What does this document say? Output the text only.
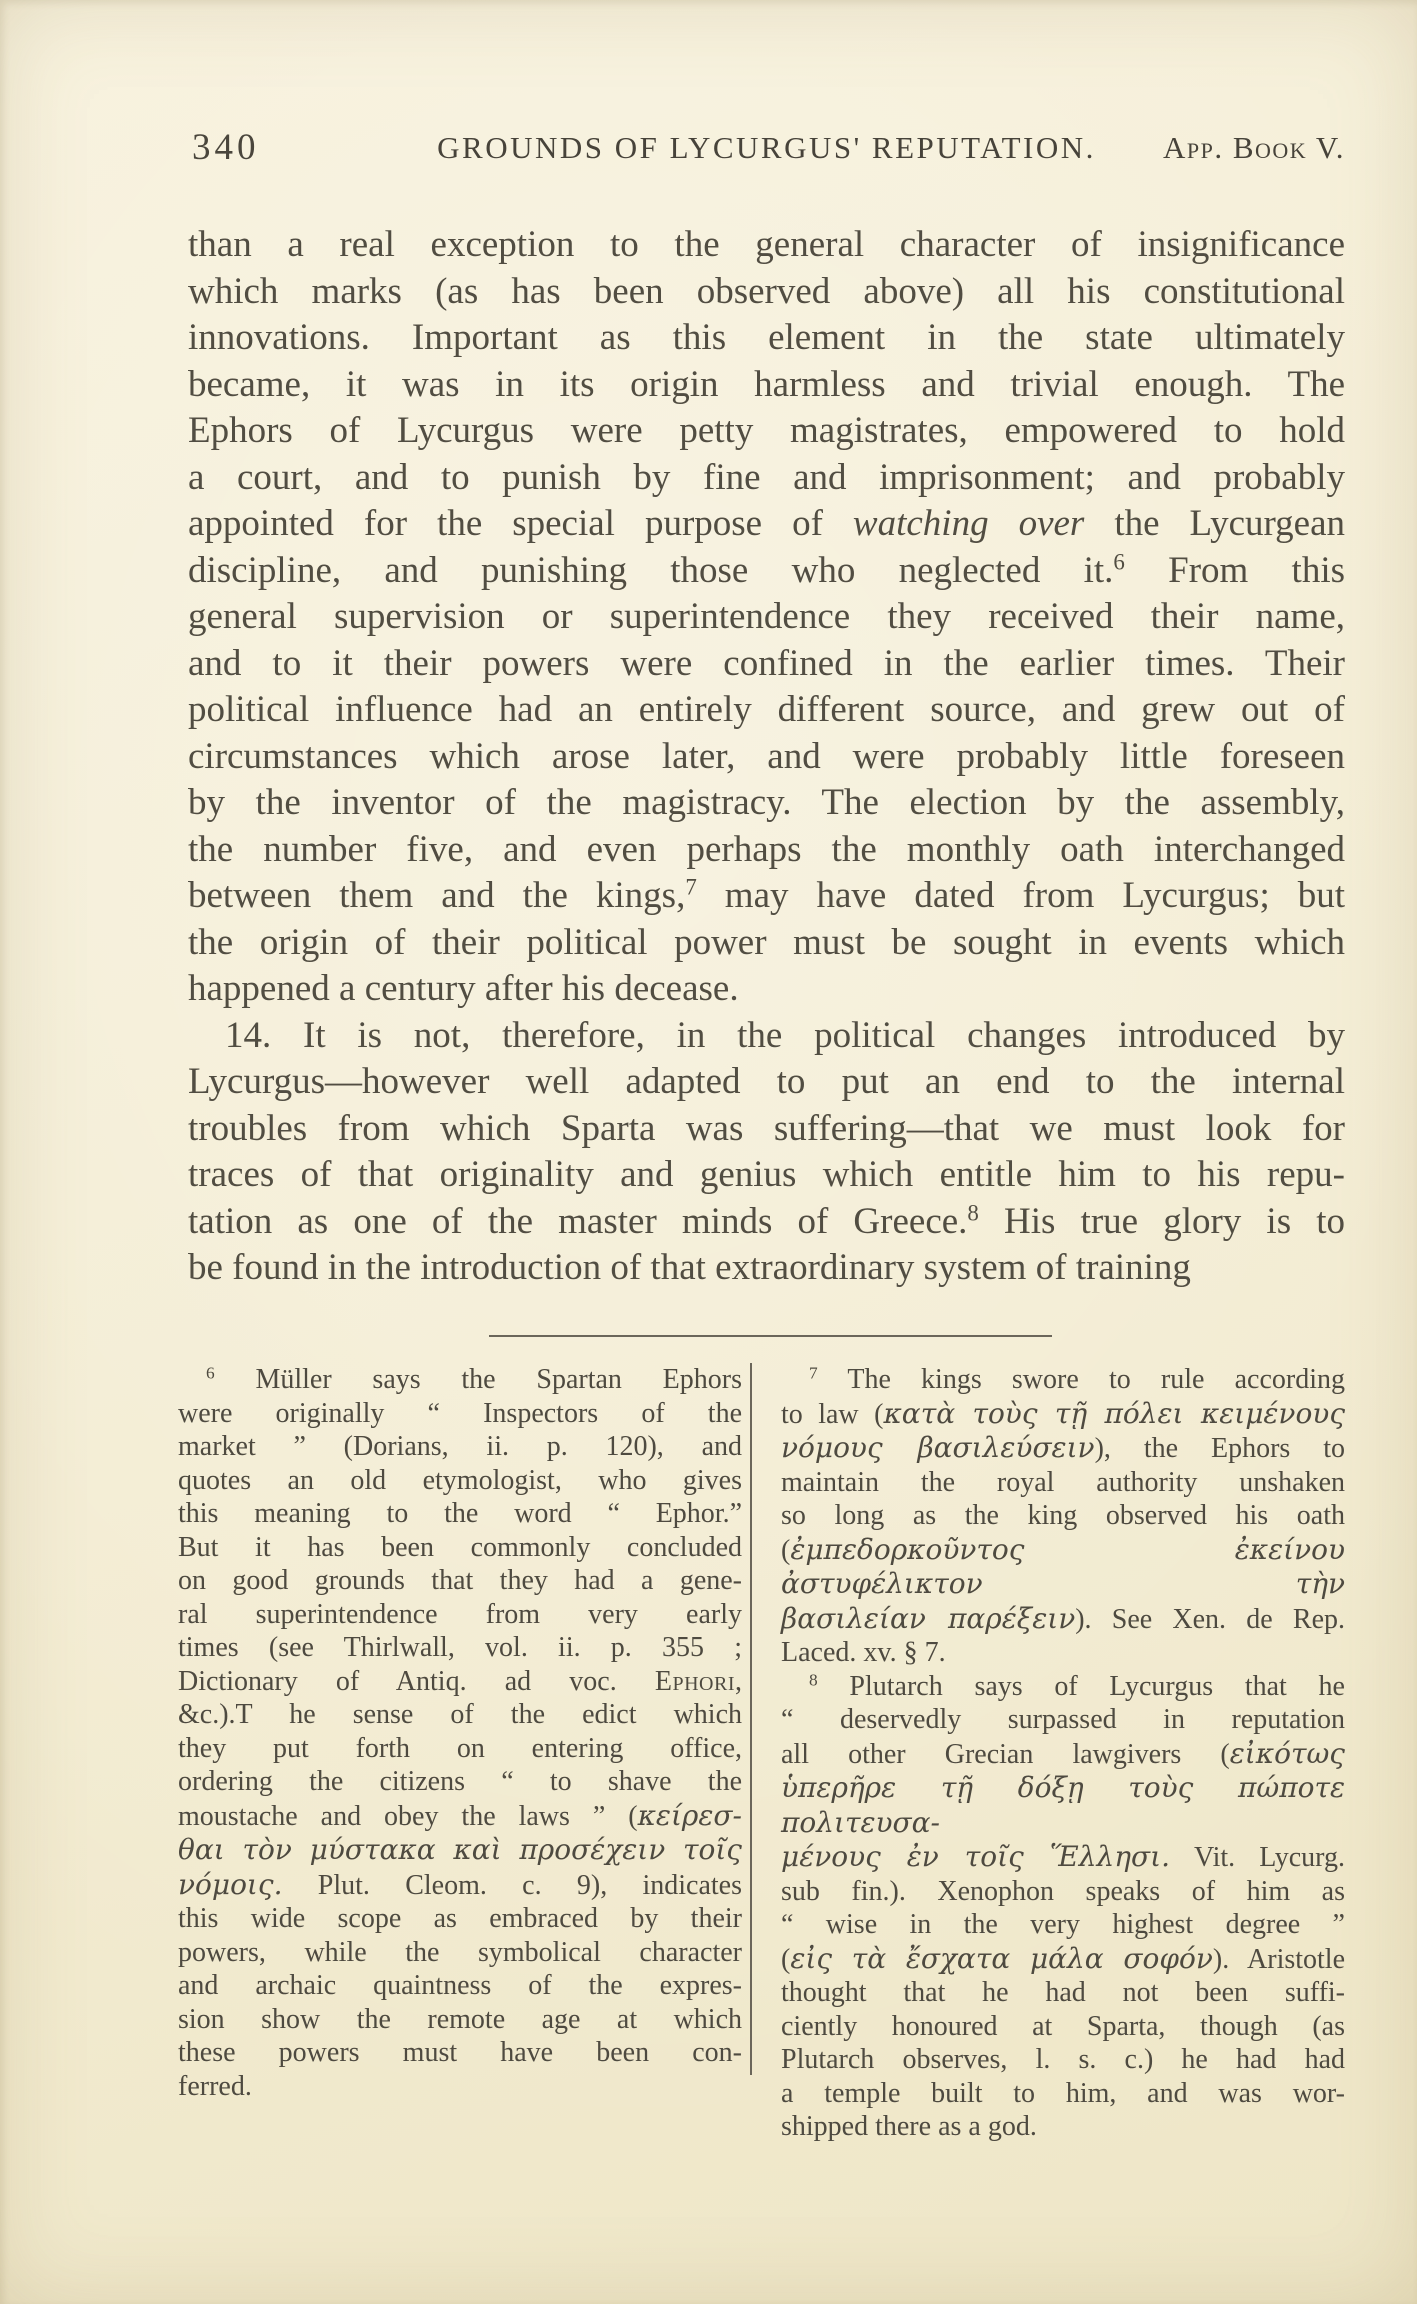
340	GROUNDS OF LYCURGUS' REPUTATION. App. Book V.
than a real exception to the general character of insignificance
which marks (as has been observed above) all his constitutional
innovations. Important as this element in the state ultimately
became, it was in its origin harmless and trivial enough. The
Ephors of Lycurgus were petty magistrates, empowered to hold
a court, and to punish by fine and imprisonment; and probably
appointed for the special purpose of watching over the Lycurgean
discipline, and punishing those who neglected it.$^6$ From this
general supervision or superintendence they received their name,
and to it their powers were confined in the earlier times. Their
political influence had an entirely different source, and grew out of
circumstances which arose later, and were probably little foreseen
by the inventor of the magistracy. The election by the assembly,
the number five, and even perhaps the monthly oath interchanged
between them and the kings,$^7$ may have dated from Lycurgus; but
the origin of their political power must be sought in events which
happened a century after his decease.
14. It is not, therefore, in the political changes introduced by
Lycurgus—however well adapted to put an end to the internal
troubles from which Sparta was suffering—that we must look for
traces of that originality and genius which entitle him to his repu-
tation as one of the master minds of Greece.$^8$ His true glory is to
be found in the introduction of that extraordinary system of training
$^6$ Müller says the Spartan Ephors
were originally “ Inspectors of the
market ” (Dorians, ii. p. 120), and
quotes an old etymologist, who gives
this meaning to the word “ Ephor.”
But it has been commonly concluded
on good grounds that they had a gene-
ral superintendence from very early
times (see Thirlwall, vol. ii. p. 355 ;
Dictionary of Antiq. ad voc. Ephori,
&c.).T he sense of the edict which
they put forth on entering office,
ordering the citizens “ to shave the
moustache and obey the laws ” (κείρεσ-
θαι τὸν μύστακα καὶ προσέχειν τοῖς
νόμοις. Plut. Cleom. c. 9), indicates
this wide scope as embraced by their
powers, while the symbolical character
and archaic quaintness of the expres-
sion show the remote age at which
these powers must have been con-
ferred.
$^7$ The kings swore to rule according
to law (κατὰ τοὺς τῇ πόλει κειμένους
νόμους βασιλεύσειν), the Ephors to
maintain the royal authority unshaken
so long as the king observed his oath
(ἐμπεδορκοῦντος ἐκείνου ἀστυφέλικτον τὴν
βασιλείαν παρέξειν). See Xen. de Rep.
Laced. xv. § 7.
$^8$ Plutarch says of Lycurgus that he
“ deservedly surpassed in reputation
all other Grecian lawgivers (εἰκότως
ὑπερῆρε τῇ δόξῃ τοὺς πώποτε πολιτευσα-
μένους ἐν τοῖς Ἕλλησι. Vit. Lycurg.
sub fin.). Xenophon speaks of him as
“ wise in the very highest degree ”
(εἰς τὰ ἔσχατα μάλα σοφόν). Aristotle
thought that he had not been suffi-
ciently honoured at Sparta, though (as
Plutarch observes, l. s. c.) he had had
a temple built to him, and was wor-
shipped there as a god.
